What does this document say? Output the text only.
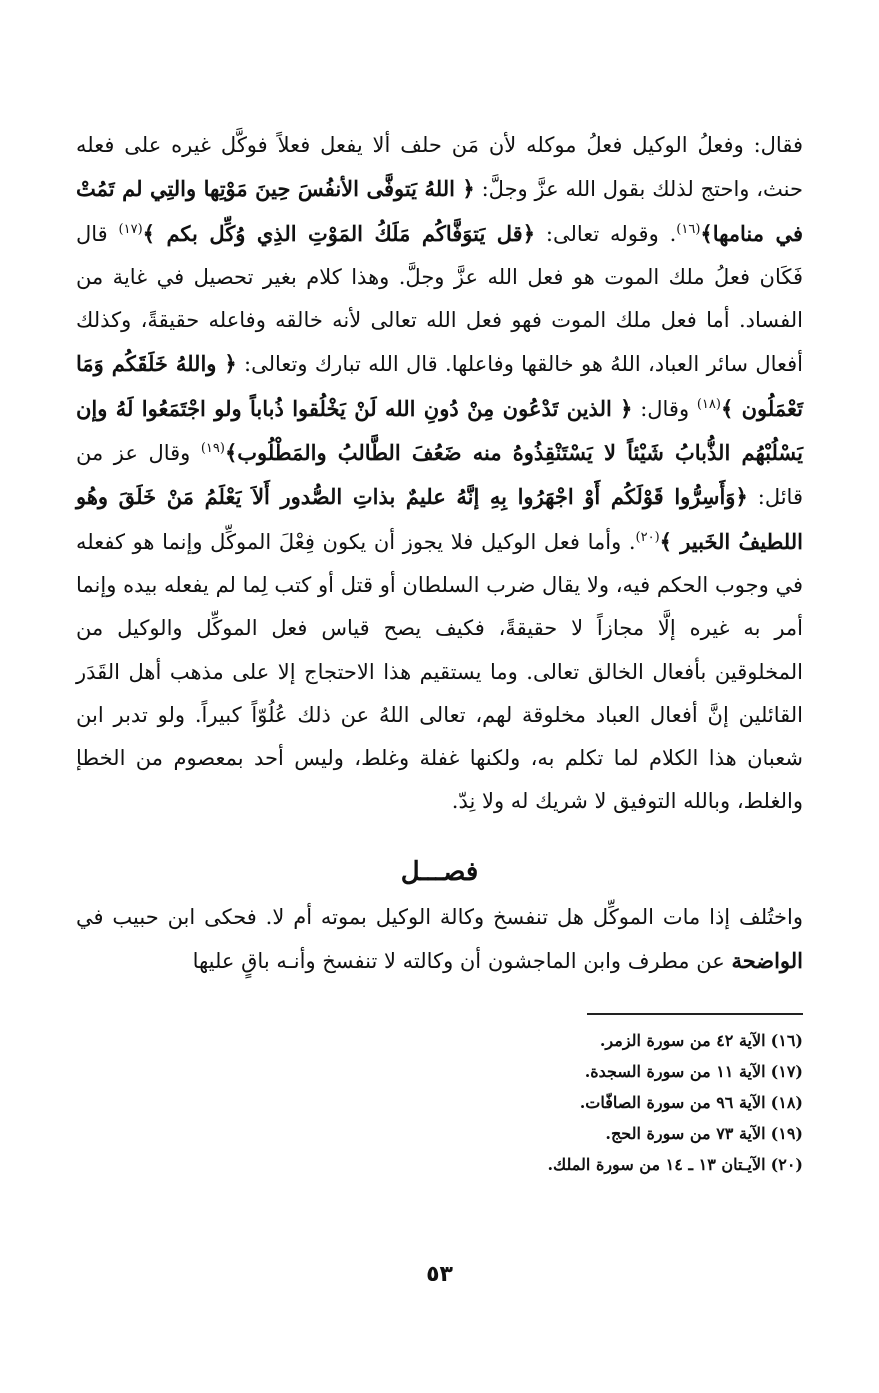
فقال: وفعلُ الوكيل فعلُ موكله لأن مَن حلف ألا يفعل فعلاً فوكَّل غيره على فعله حنث، واحتج لذلك بقول الله عزَّ وجلَّ: ﴿ اللهُ يَتوفَّى الأنفُسَ حِينَ مَوْتِها والتِي لم تَمُتْ في منامها﴾$^{(١٦)}$. وقوله تعالى: ﴿قل يَتوَفَّاكُم مَلَكُ المَوْتِ الذِي وُكِّل بكم ﴾$^{(١٧)}$ قال فَكَان فعلُ ملك الموت هو فعل الله عزَّ وجلَّ. وهذا كلام بغير تحصيل في غاية من الفساد. أما فعل ملك الموت فهو فعل الله تعالى لأنه خالقه وفاعله حقيقةً، وكذلك أفعال سائر العباد، اللهُ هو خالقها وفاعلها. قال الله تبارك وتعالى: ﴿ واللهُ خَلَقَكُم وَمَا تَعْمَلُون ﴾$^{(١٨)}$ وقال: ﴿ الذين تَدْعُون مِنْ دُونِ الله لَنْ يَخْلُقوا ذُباباً ولو اجْتَمَعُوا لَهُ وإن يَسْلُبْهُم الذُّبابُ شَيْئاً لا يَسْتَنْقِذُوهُ منه ضَعُفَ الطَّالبُ والمَطْلُوب﴾$^{(١٩)}$ وقال عز من قائل: ﴿وَأَسِرُّوا قَوْلَكُم أَوْ اجْهَرُوا بِهِ إنَّهُ عليمٌ بذاتِ الصُّدور أَلاَ يَعْلَمُ مَنْ خَلَقَ وهُو اللطيفُ الخَبير ﴾$^{(٢٠)}$. وأما فعل الوكيل فلا يجوز أن يكون فِعْلَ الموكِّل وإنما هو كفعله في وجوب الحكم فيه، ولا يقال ضرب السلطان أو قتل أو كتب لِما لم يفعله بيده وإنما أمر به غيره إلَّا مجازاً لا حقيقةً، فكيف يصح قياس فعل الموكِّل والوكيل من المخلوقين بأفعال الخالق تعالى. وما يستقيم هذا الاحتجاج إلا على مذهب أهل القَدَر القائلين إنَّ أفعال العباد مخلوقة لهم، تعالى اللهُ عن ذلك عُلُوّاً كبيراً. ولو تدبر ابن شعبان هذا الكلام لما تكلم به، ولكنها غفلة وغلط، وليس أحد بمعصوم من الخطإ والغلط، وبالله التوفيق لا شريك له ولا نِدّ.

فصـــل

واختُلف إذا مات الموكِّل هل تنفسخ وكالة الوكيل بموته أم لا. فحكى ابن حبيب في الواضحة عن مطرف وابن الماجشون أن وكالته لا تنفسخ وأنـه باقٍ عليها

(١٦) الآية ٤٢ من سورة الزمر.
(١٧) الآية ١١ من سورة السجدة.
(١٨) الآية ٩٦ من سورة الصافّات.
(١٩) الآية ٧٣ من سورة الحج.
(٢٠) الآيـتان ١٣ ـ ١٤ من سورة الملك.
٥٣
